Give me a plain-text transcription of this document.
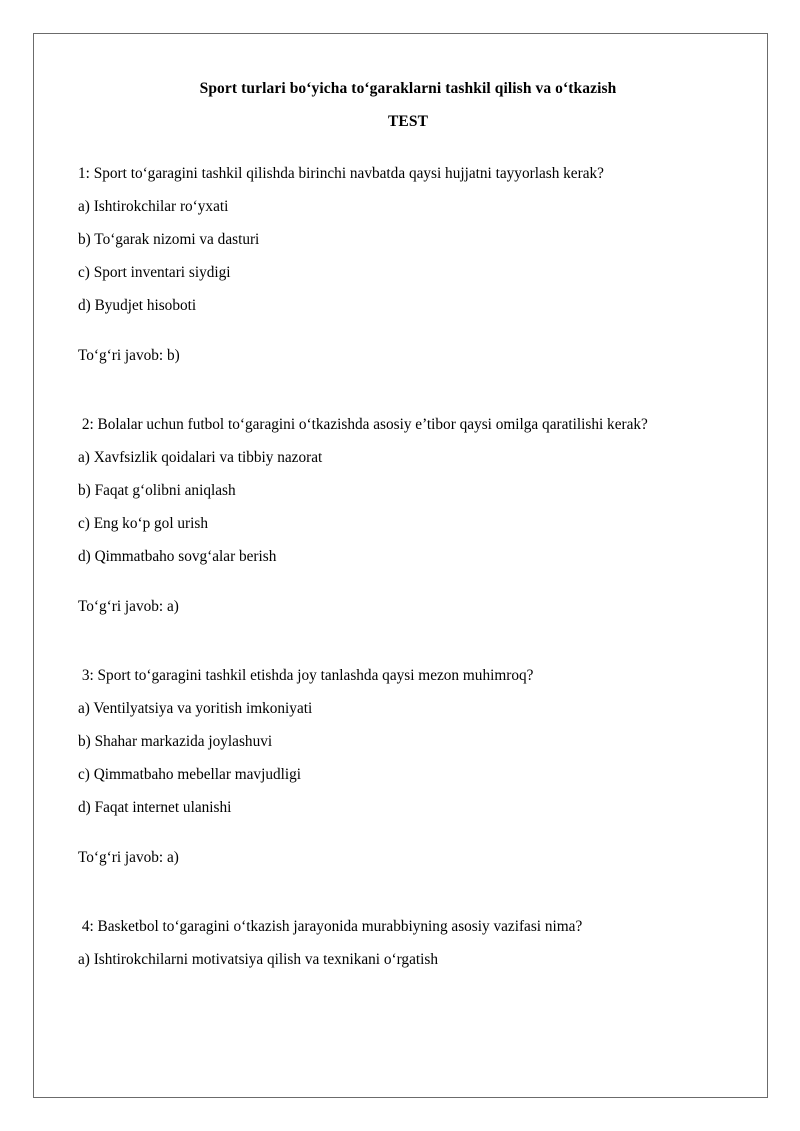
Sport turlari bo‘yicha to‘garaklarni tashkil qilish va o‘tkazish
TEST

1: Sport to‘garagini tashkil qilishda birinchi navbatda qaysi hujjatni tayyorlash kerak?

a) Ishtirokchilar ro‘yxati

b) To‘garak nizomi va dasturi

c) Sport inventari siydigi

d) Byudjet hisoboti

To‘g‘ri javob: b)

2: Bolalar uchun futbol to‘garagini o‘tkazishda asosiy e’tibor qaysi omilga qaratilishi kerak?

a) Xavfsizlik qoidalari va tibbiy nazorat

b) Faqat g‘olibni aniqlash

c) Eng ko‘p gol urish

d) Qimmatbaho sovg‘alar berish

To‘g‘ri javob: a)

3: Sport to‘garagini tashkil etishda joy tanlashda qaysi mezon muhimroq?

a) Ventilyatsiya va yoritish imkoniyati

b) Shahar markazida joylashuvi

c) Qimmatbaho mebellar mavjudligi

d) Faqat internet ulanishi

To‘g‘ri javob: a)

4: Basketbol to‘garagini o‘tkazish jarayonida murabbiyning asosiy vazifasi nima?

a) Ishtirokchilarni motivatsiya qilish va texnikani o‘rgatish
